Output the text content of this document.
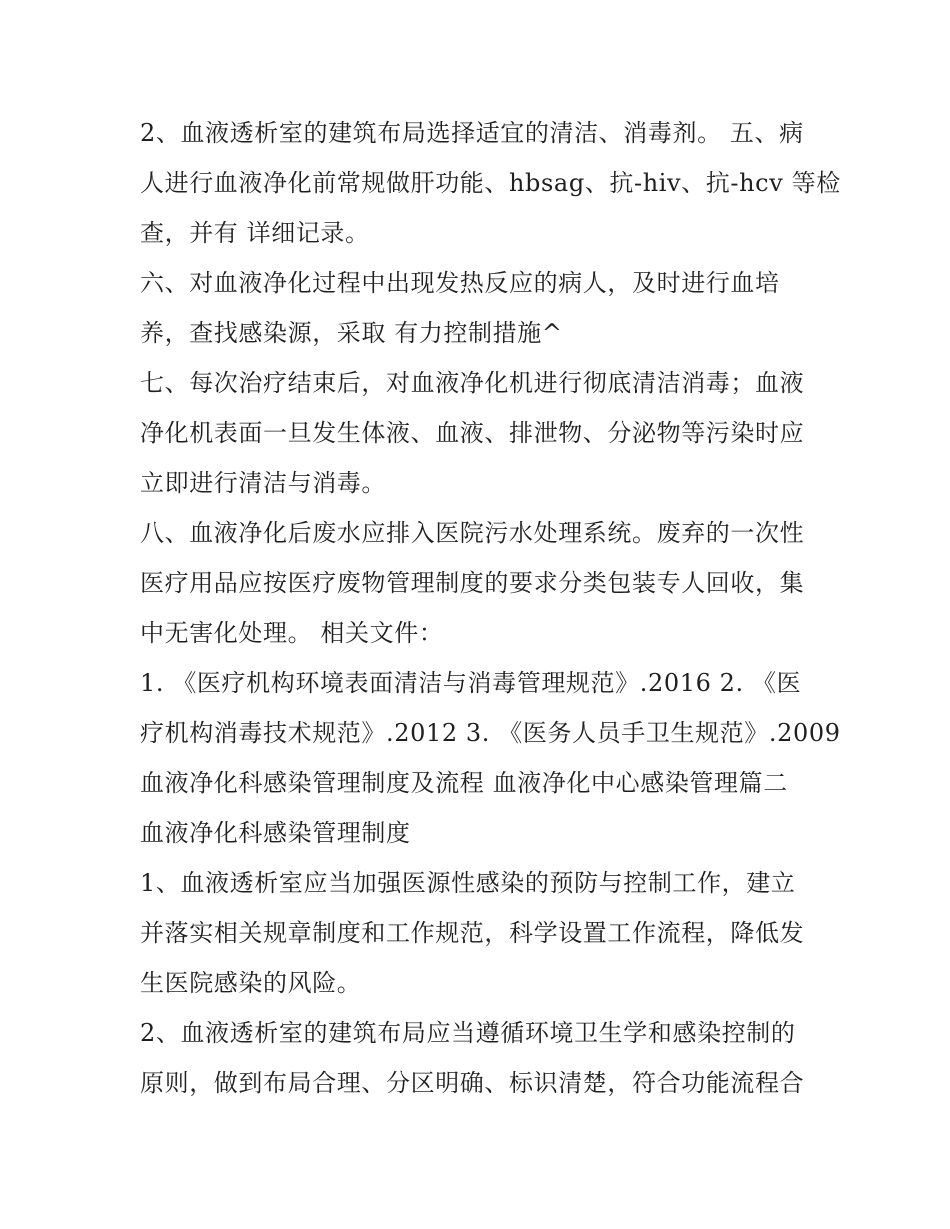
2、血液透析室的建筑布局选择适宜的清洁、消毒剂。 五、病
人进行血液净化前常规做肝功能、hbsag、抗-hiv、抗-hcv 等检
查，并有 详细记录。
六、对血液净化过程中出现发热反应的病人，及时进行血培
养，查找感染源，采取 有力控制措施^
七、每次治疗结束后，对血液净化机进行彻底清洁消毒；血液
净化机表面一旦发生体液、血液、排泄物、分泌物等污染时应
立即进行清洁与消毒。
八、血液净化后废水应排入医院污水处理系统。废弃的一次性
医疗用品应按医疗废物管理制度的要求分类包装专人回收，集
中无害化处理。 相关文件：
1. 《医疗机构环境表面清洁与消毒管理规范》.2016 2. 《医
疗机构消毒技术规范》.2012 3. 《医务人员手卫生规范》.2009
血液净化科感染管理制度及流程 血液净化中心感染管理篇二
血液净化科感染管理制度
1、血液透析室应当加强医源性感染的预防与控制工作，建立
并落实相关规章制度和工作规范，科学设置工作流程，降低发
生医院感染的风险。
2、血液透析室的建筑布局应当遵循环境卫生学和感染控制的
原则，做到布局合理、分区明确、标识清楚，符合功能流程合
